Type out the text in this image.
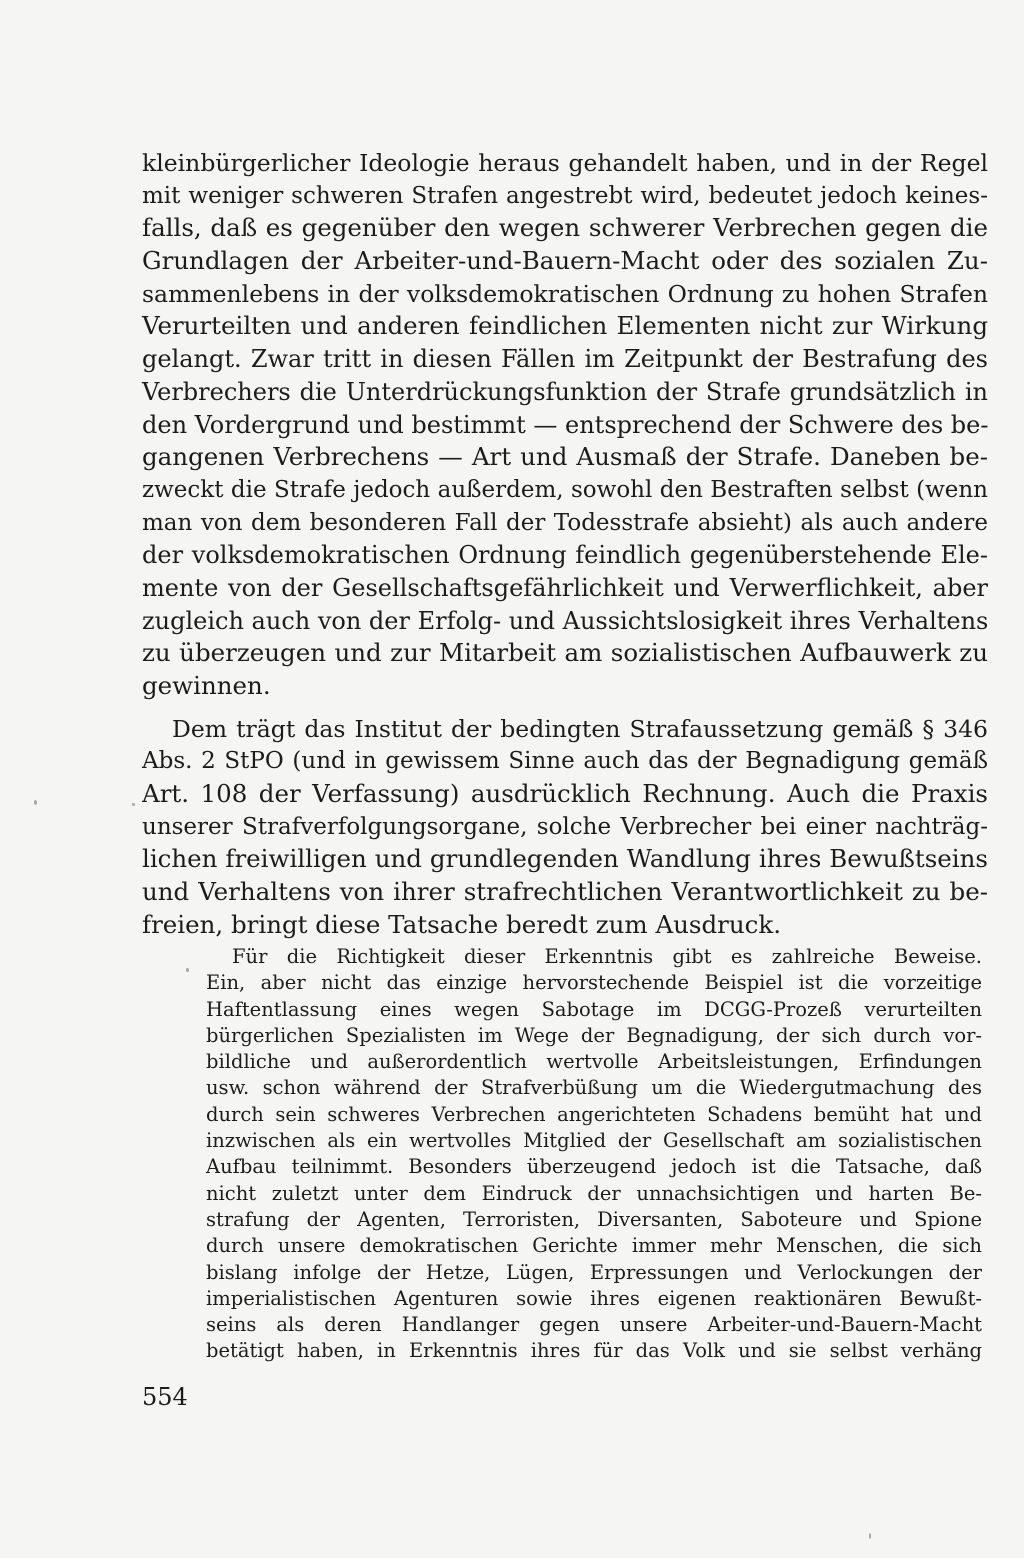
kleinbürgerlicher Ideologie heraus gehandelt haben, und in der Regel
mit weniger schweren Strafen angestrebt wird, bedeutet jedoch keines-
falls, daß es gegenüber den wegen schwerer Verbrechen gegen die
Grundlagen der Arbeiter-und-Bauern-Macht oder des sozialen Zu-
sammenlebens in der volksdemokratischen Ordnung zu hohen Strafen
Verurteilten und anderen feindlichen Elementen nicht zur Wirkung
gelangt. Zwar tritt in diesen Fällen im Zeitpunkt der Bestrafung des
Verbrechers die Unterdrückungsfunktion der Strafe grundsätzlich in
den Vordergrund und bestimmt — entsprechend der Schwere des be-
gangenen Verbrechens — Art und Ausmaß der Strafe. Daneben be-
zweckt die Strafe jedoch außerdem, sowohl den Bestraften selbst (wenn
man von dem besonderen Fall der Todesstrafe absieht) als auch andere
der volksdemokratischen Ordnung feindlich gegenüberstehende Ele-
mente von der Gesellschaftsgefährlichkeit und Verwerflichkeit, aber
zugleich auch von der Erfolg- und Aussichtslosigkeit ihres Verhaltens
zu überzeugen und zur Mitarbeit am sozialistischen Aufbauwerk zu
gewinnen.
Dem trägt das Institut der bedingten Strafaussetzung gemäß § 346
Abs. 2 StPO (und in gewissem Sinne auch das der Begnadigung gemäß
Art. 108 der Verfassung) ausdrücklich Rechnung. Auch die Praxis
unserer Strafverfolgungsorgane, solche Verbrecher bei einer nachträg-
lichen freiwilligen und grundlegenden Wandlung ihres Bewußtseins
und Verhaltens von ihrer strafrechtlichen Verantwortlichkeit zu be-
freien, bringt diese Tatsache beredt zum Ausdruck.
Für die Richtigkeit dieser Erkenntnis gibt es zahlreiche Beweise.
Ein, aber nicht das einzige hervorstechende Beispiel ist die vorzeitige
Haftentlassung eines wegen Sabotage im DCGG-Prozeß verurteilten
bürgerlichen Spezialisten im Wege der Begnadigung, der sich durch vor-
bildliche und außerordentlich wertvolle Arbeitsleistungen, Erfindungen
usw. schon während der Strafverbüßung um die Wiedergutmachung des
durch sein schweres Verbrechen angerichteten Schadens bemüht hat und
inzwischen als ein wertvolles Mitglied der Gesellschaft am sozialistischen
Aufbau teilnimmt. Besonders überzeugend jedoch ist die Tatsache, daß
nicht zuletzt unter dem Eindruck der unnachsichtigen und harten Be-
strafung der Agenten, Terroristen, Diversanten, Saboteure und Spione
durch unsere demokratischen Gerichte immer mehr Menschen, die sich
bislang infolge der Hetze, Lügen, Erpressungen und Verlockungen der
imperialistischen Agenturen sowie ihres eigenen reaktionären Bewußt-
seins als deren Handlanger gegen unsere Arbeiter-und-Bauern-Macht
betätigt haben, in Erkenntnis ihres für das Volk und sie selbst verhäng
554
